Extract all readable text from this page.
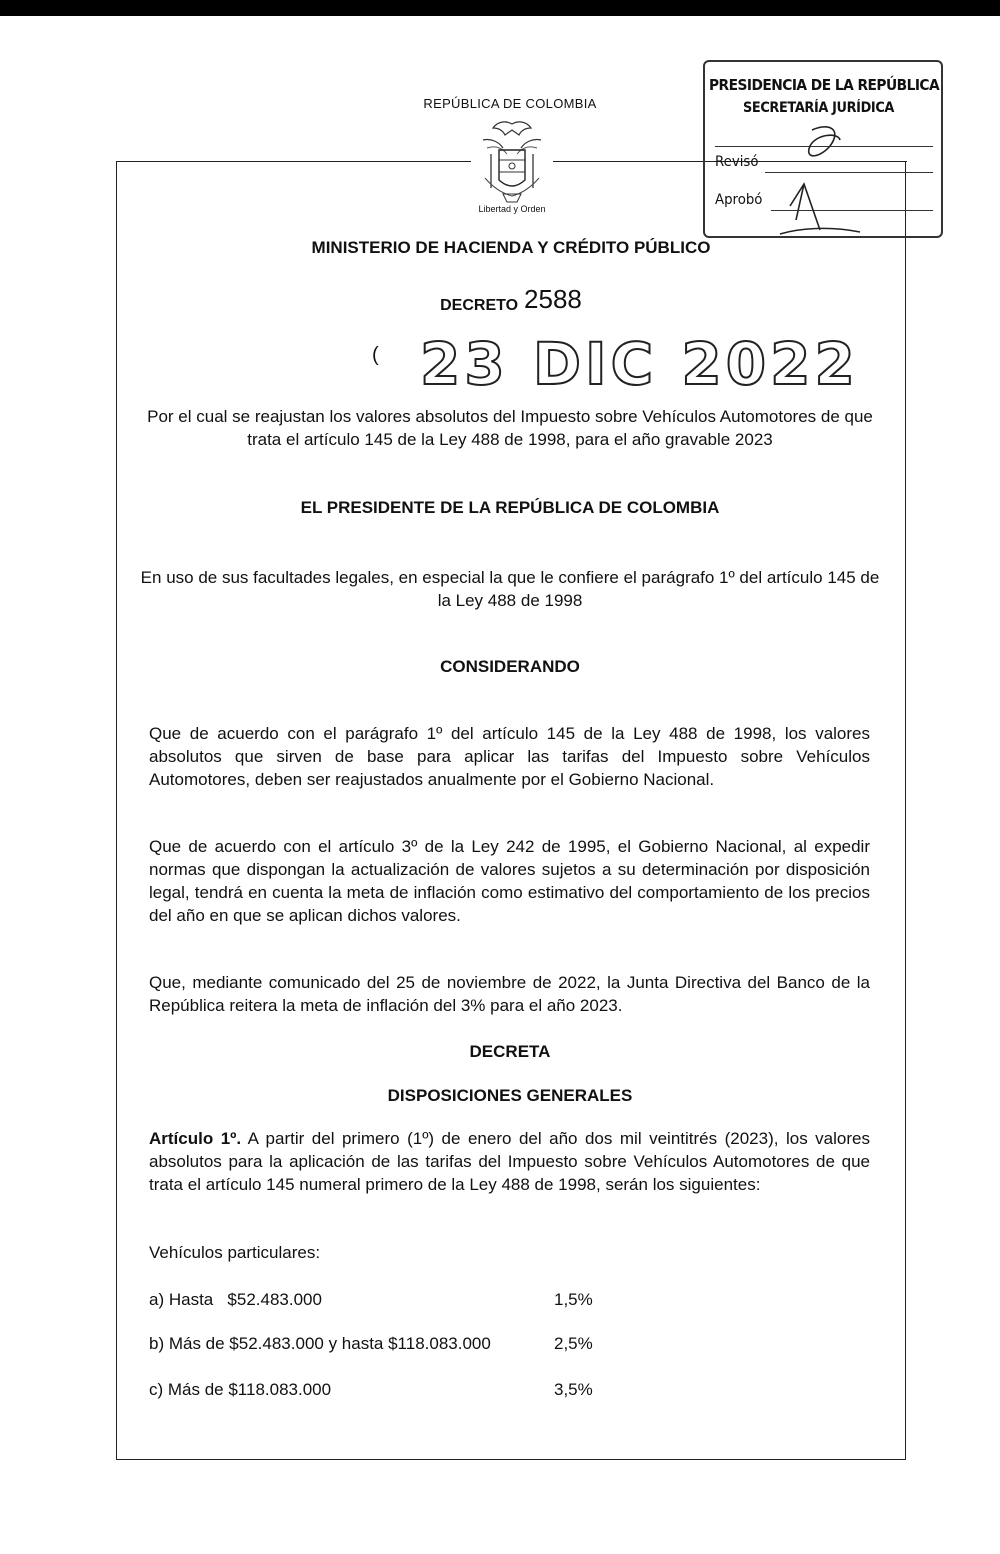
REPÚBLICA DE COLOMBIA
Libertad y Orden
PRESIDENCIA DE LA REPÚBLICA
SECRETARÍA JURÍDICA
Revisó
Aprobó
MINISTERIO DE HACIENDA Y CRÉDITO PÚBLICO
DECRETO 2588
( 23 DIC 2022
Por el cual se reajustan los valores absolutos del Impuesto sobre Vehículos Automotores de que trata el artículo 145 de la Ley 488 de 1998, para el año gravable 2023
EL PRESIDENTE DE LA REPÚBLICA DE COLOMBIA
En uso de sus facultades legales, en especial la que le confiere el parágrafo 1º del artículo 145 de la Ley 488 de 1998
CONSIDERANDO
Que de acuerdo con el parágrafo 1º del artículo 145 de la Ley 488 de 1998, los valores absolutos que sirven de base para aplicar las tarifas del Impuesto sobre Vehículos Automotores, deben ser reajustados anualmente por el Gobierno Nacional.
Que de acuerdo con el artículo 3º de la Ley 242 de 1995, el Gobierno Nacional, al expedir normas que dispongan la actualización de valores sujetos a su determinación por disposición legal, tendrá en cuenta la meta de inflación como estimativo del comportamiento de los precios del año en que se aplican dichos valores.
Que, mediante comunicado del 25 de noviembre de 2022, la Junta Directiva del Banco de la República reitera la meta de inflación del 3% para el año 2023.
DECRETA
DISPOSICIONES GENERALES
Artículo 1º. A partir del primero (1º) de enero del año dos mil veintitrés (2023), los valores absolutos para la aplicación de las tarifas del Impuesto sobre Vehículos Automotores de que trata el artículo 145 numeral primero de la Ley 488 de 1998, serán los siguientes:
Vehículos particulares:
a) Hasta   $52.483.000	1,5%
b) Más de $52.483.000 y hasta $118.083.000	2,5%
c) Más de $118.083.000	3,5%
